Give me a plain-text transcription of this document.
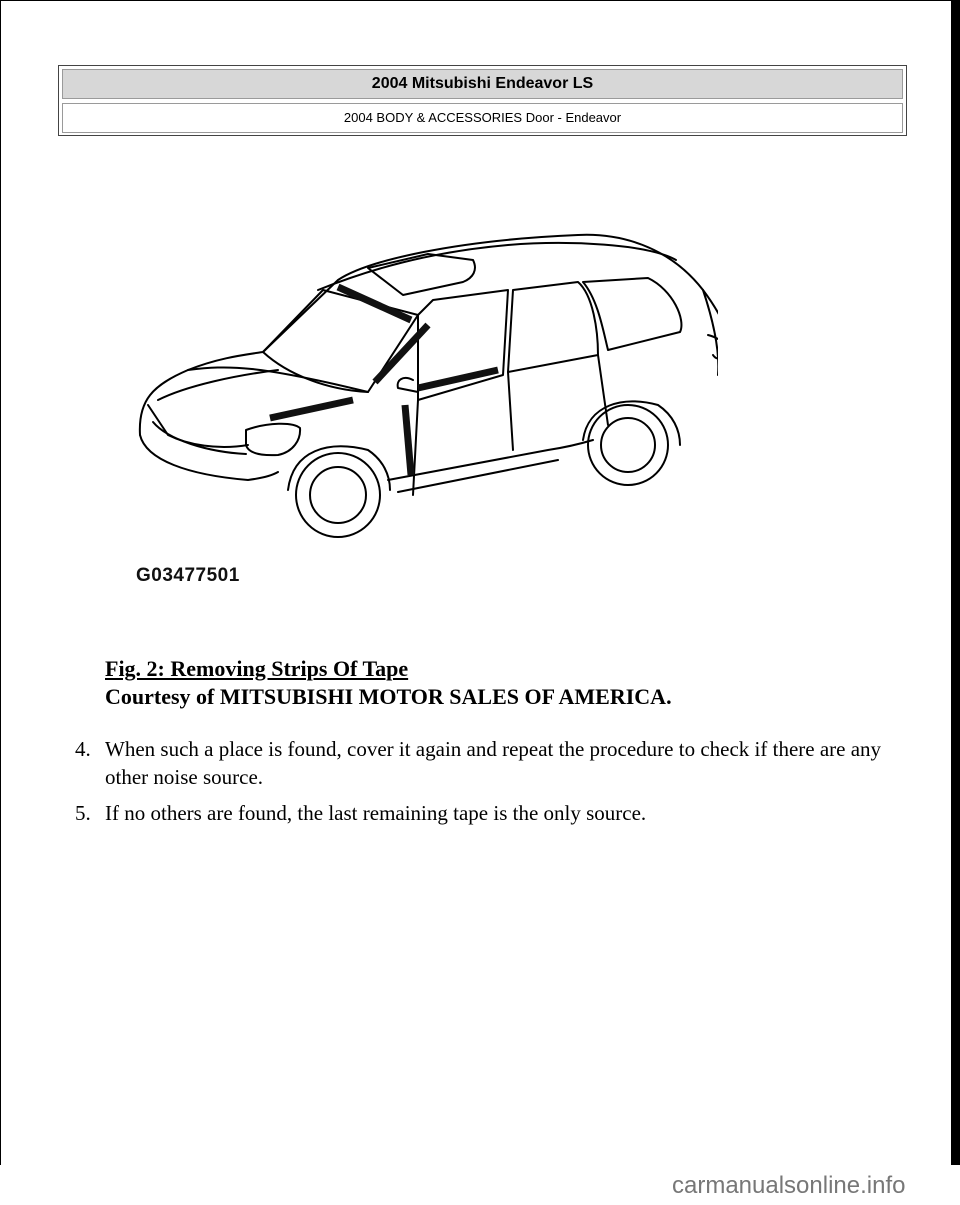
2004 Mitsubishi Endeavor LS
2004 BODY & ACCESSORIES Door - Endeavor
G03477501
Fig. 2: Removing Strips Of Tape
Courtesy of MITSUBISHI MOTOR SALES OF AMERICA.
4. When such a place is found, cover it again and repeat the procedure to check if there are any other noise source.
5. If no others are found, the last remaining tape is the only source.
carmanualsonline.info
